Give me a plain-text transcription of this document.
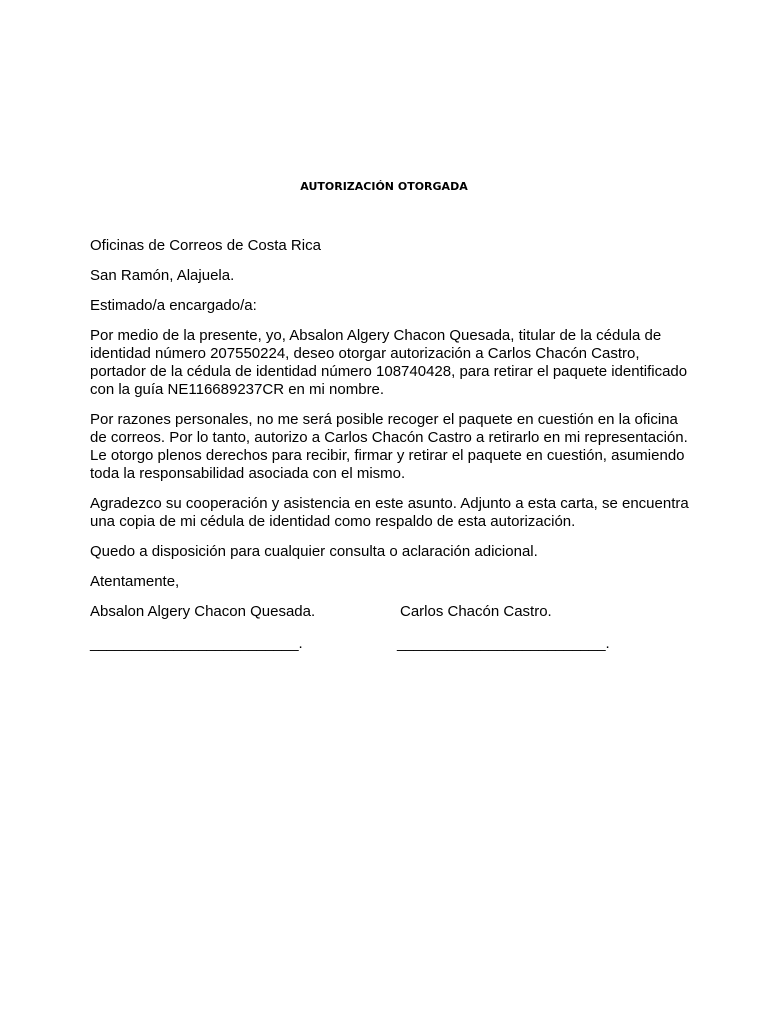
AUTORIZACIÓN OTORGADA

Oficinas de Correos de Costa Rica

San Ramón, Alajuela.

Estimado/a encargado/a:

Por medio de la presente, yo, Absalon Algery Chacon Quesada, titular de la cédula de identidad número 207550224, deseo otorgar autorización a Carlos Chacón Castro, portador de la cédula de identidad número 108740428, para retirar el paquete identificado con la guía NE116689237CR en mi nombre.

Por razones personales, no me será posible recoger el paquete en cuestión en la oficina de correos. Por lo tanto, autorizo a Carlos Chacón Castro a retirarlo en mi representación. Le otorgo plenos derechos para recibir, firmar y retirar el paquete en cuestión, asumiendo toda la responsabilidad asociada con el mismo.

Agradezco su cooperación y asistencia en este asunto. Adjunto a esta carta, se encuentra una copia de mi cédula de identidad como respaldo de esta autorización.

Quedo a disposición para cualquier consulta o aclaración adicional.

Atentamente,

Absalon Algery Chacon Quesada.	Carlos Chacón Castro.
_________________________.	_________________________.
